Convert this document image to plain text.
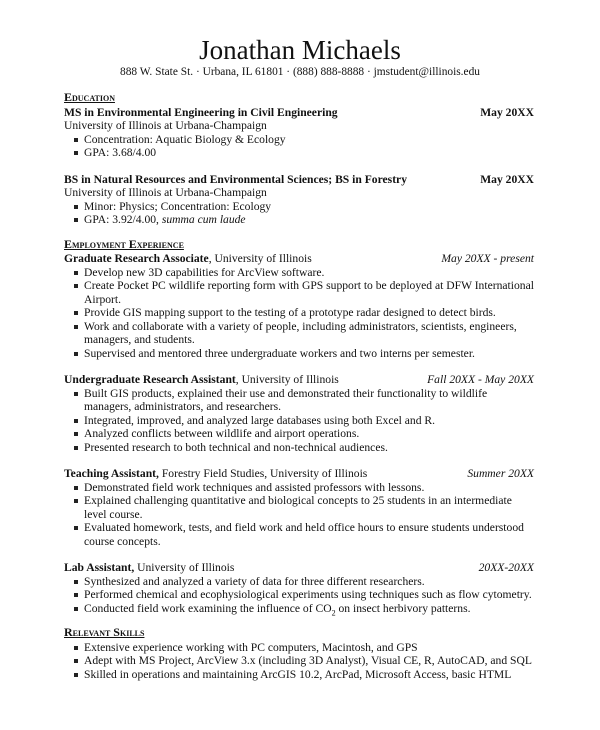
Jonathan Michaels
888 W. State St. · Urbana, IL 61801 · (888) 888-8888 · jmstudent@illinois.edu
Education
MS in Environmental Engineering in Civil Engineering	May 20XX
University of Illinois at Urbana-Champaign
Concentration: Aquatic Biology & Ecology
GPA: 3.68/4.00
BS in Natural Resources and Environmental Sciences; BS in Forestry	May 20XX
University of Illinois at Urbana-Champaign
Minor: Physics; Concentration: Ecology
GPA: 3.92/4.00, summa cum laude
Employment Experience
Graduate Research Associate, University of Illinois	May 20XX - present
Develop new 3D capabilities for ArcView software.
Create Pocket PC wildlife reporting form with GPS support to be deployed at DFW International Airport.
Provide GIS mapping support to the testing of a prototype radar designed to detect birds.
Work and collaborate with a variety of people, including administrators, scientists, engineers, managers, and students.
Supervised and mentored three undergraduate workers and two interns per semester.
Undergraduate Research Assistant, University of Illinois	Fall 20XX - May 20XX
Built GIS products, explained their use and demonstrated their functionality to wildlife managers, administrators, and researchers.
Integrated, improved, and analyzed large databases using both Excel and R.
Analyzed conflicts between wildlife and airport operations.
Presented research to both technical and non-technical audiences.
Teaching Assistant, Forestry Field Studies, University of Illinois	Summer 20XX
Demonstrated field work techniques and assisted professors with lessons.
Explained challenging quantitative and biological concepts to 25 students in an intermediate level course.
Evaluated homework, tests, and field work and held office hours to ensure students understood course concepts.
Lab Assistant, University of Illinois	20XX-20XX
Synthesized and analyzed a variety of data for three different researchers.
Performed chemical and ecophysiological experiments using techniques such as flow cytometry.
Conducted field work examining the influence of $CO_2$ on insect herbivory patterns.
Relevant Skills
Extensive experience working with PC computers, Macintosh, and GPS
Adept with MS Project, ArcView 3.x (including 3D Analyst), Visual CE, R, AutoCAD, and SQL
Skilled in operations and maintaining ArcGIS 10.2, ArcPad, Microsoft Access, basic HTML
